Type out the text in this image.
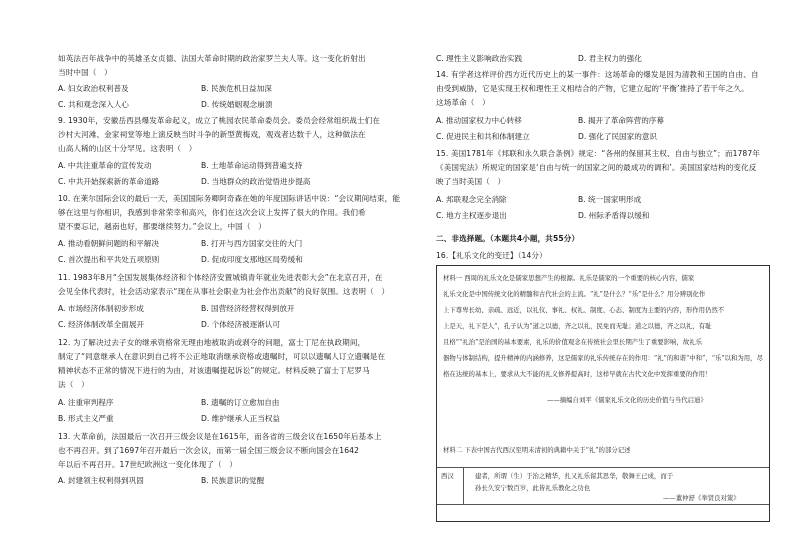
如英法百年战争中的英雄圣女贞德、法国大革命时期的政治家罗兰夫人等。这一变化折射出
当时中国（　）
A. 妇女政治权利普及	B. 民族危机日益加深
C. 共和观念深入人心	D. 传统婚姻观念崩溃
9. 1930年，安徽岳西县爆发革命起义，成立了桃园农民革命委员会。委员会经常组织战士们在
沙村大河滩、金家祠堂等地上演反映当时斗争的新型黄梅戏，观戏者达数千人，这种做法在
山高人稀的山区十分罕见。这表明（　）
A. 中共注重革命的宣传发动	B. 土地革命运动得到普遍支持
C. 中共开始探索新的革命道路	D. 当地群众的政治觉悟进步提高
10. 在莱尔国际会议的最后一天，美国国际务卿阿奇森在她的年度国际讲话中说：“会议期间结束，能
够在这里与你相识，我感到非常荣幸和高兴，你们在这次会议上发挥了很大的作用。我们希
望不要忘记，越南也好，都要继续努力。”会议上，中国（　）
A. 推动看朝鲜问题的和平解决	B. 打开与西方国家交往的大门
C. 首次提出和平共处五项原则	D. 促成印度支那地区局势缓和
11. 1983年8月“全国发展集体经济和个体经济安置城镇青年就业先进表彰大会”在北京召开，在
会见全体代表时，社会活动家表示“现在从事社会职业为社会作出贡献”的良好氛围。这表明（　）
A. 市场经济体制初步形成	B. 国营经济经营权得到放开
C. 经济体制改革全面展开	D. 个体经济被逐渐认可
12. 为了解决过去子女的继承资格常无理由地被取消或剥夺的问题，富士丁尼在执政期间，
制定了“同意继承人在意识到自己将不公正地取消继承资格或遗嘱时，可以以遗嘱人订立遗嘱是在
精神状态不正常的情况下进行的为由，对该遗嘱提起诉讼”的规定。材料反映了富士丁尼罗马
法（　）
A. 注重审判程序	B. 遗嘱的订立愈加自由
B. 形式主义严重	D. 维护继承人正当权益
13. 大革命前，法国最后一次召开三级会议是在1615年，而各省的三级会议在1650年后基本上
也不再召开。到了1697年召开最后一次会议，而第一届全国三级会议不断向国会在1642
年以后不再召开。17世纪欧洲这一变化体现了（　）
A. 封建领主权利得到巩固	B. 民族意识的觉醒
C. 理性主义影响政治实践	D. 君主权力的强化
14. 有学者这样评价西方近代历史上的某一事件：这场革命的爆发是因为清教和王国的自由、自
由受到威胁，它是实现王权和理性王义相结合的产物，它建立起的‘平衡’推持了若干年之久。
这场革命（　）
A. 推动国家权力中心转移	B. 揭开了革命阵营的序幕
C. 促进民主和共和体制建立	D. 强化了民国家的意识
15. 美国1781年《邦联和永久联合条例》规定：“各州的保留其主权、自由与独立”；而1787年
《美国宪法》所规定的国家是‘自由与统一的国家之间的最成功的调和’。美国国家结构的变化反
映了当时美国（　）
A. 邦联观念完全消除	B. 统一国家明形成
C. 地方主权逐步退出	D. 州际矛盾得以缓和
二、非选择题。（本题共4小题，共55分）
16.【礼乐文化的变迁】（14分）
材料一 西周的礼乐文化是儒家思想产生的根源。礼乐是儒家的一个重要的核心内容，儒家
礼乐文化是中国传统文化的精髓和古代社会的主流。“礼”是什么？“乐”是什么？用分辨别化作
上下尊卑长幼、亲疏、远近，以礼仪、事礼、权礼、制度、心态、制度为主要的内容，形作用仍然不
上是天，礼下是人”，孔子认为“道之以德，齐之以礼，民免而无耻；道之以德，齐之以礼，有耻
且格”“礼治”是治国的基本要素，礼乐的价值观念在传统社会里长期产生了重要影响，故礼乐
器物与体制结构，提升精神的内涵修养，这是儒家的礼乐传统存在的作用：“礼”的和谐“中和”，“乐”以和为用，尽
格在达统的基本上，要求从大不能的礼义修养提高时，这样早就在古代文化中发挥重要的作用！
——摘编自刘平《儒家礼乐文化的历史价值与当代启迪》
材料二 下表中国古代西汉至明末清初的典籍中关于“礼”的部分记述
西汉	建者，所谓（生）于治之精华，扎又礼乐留其思华，敬舞王已成，而于
孙长久安宁数百岁，此皆礼乐教化之功也
——董仲舒《举贤良对策》
